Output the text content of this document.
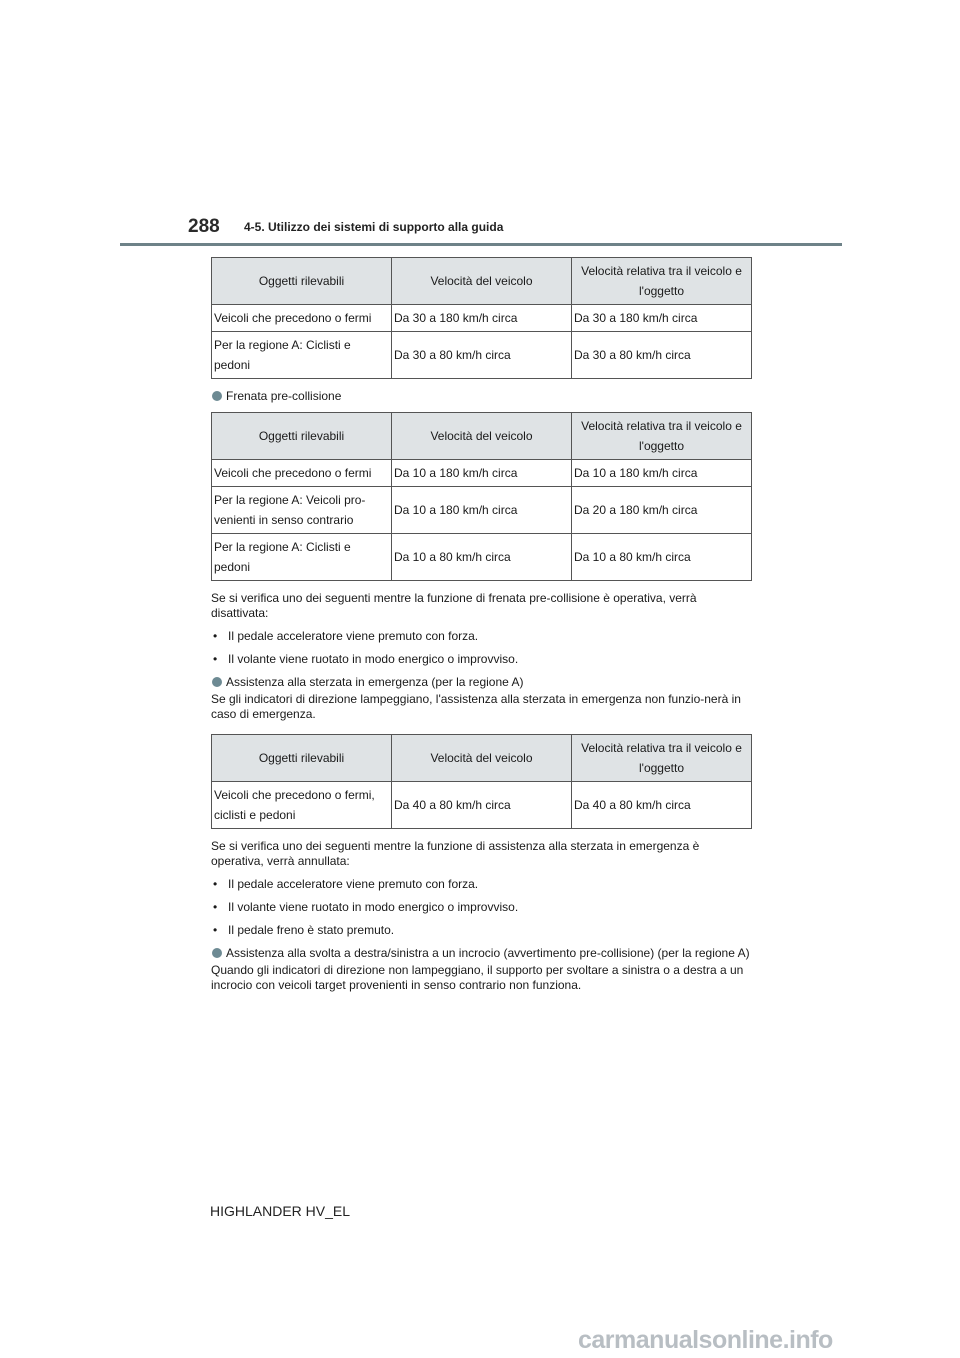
288 4-5. Utilizzo dei sistemi di supporto alla guida
Oggetti rilevabili	Velocità del veicolo	Velocità relativa tra il veicolo e l'oggetto
Veicoli che precedono o fermi	Da 30 a 180 km/h circa	Da 30 a 180 km/h circa
Per la regione A: Ciclisti e pedoni	Da 30 a 80 km/h circa	Da 30 a 80 km/h circa
Frenata pre-collisione
Oggetti rilevabili	Velocità del veicolo	Velocità relativa tra il veicolo e l'oggetto
Veicoli che precedono o fermi	Da 10 a 180 km/h circa	Da 10 a 180 km/h circa
Per la regione A: Veicoli pro-venienti in senso contrario	Da 10 a 180 km/h circa	Da 20 a 180 km/h circa
Per la regione A: Ciclisti e pedoni	Da 10 a 80 km/h circa	Da 10 a 80 km/h circa

Se si verifica uno dei seguenti mentre la funzione di frenata pre-collisione è operativa, verrà disattivata:

• Il pedale acceleratore viene premuto con forza.
• Il volante viene ruotato in modo energico o improvviso.
Assistenza alla sterzata in emergenza (per la regione A)

Se gli indicatori di direzione lampeggiano, l'assistenza alla sterzata in emergenza non funzio-nerà in caso di emergenza.

Oggetti rilevabili	Velocità del veicolo	Velocità relativa tra il veicolo e l'oggetto
Veicoli che precedono o fermi, ciclisti e pedoni	Da 40 a 80 km/h circa	Da 40 a 80 km/h circa

Se si verifica uno dei seguenti mentre la funzione di assistenza alla sterzata in emergenza è operativa, verrà annullata:

• Il pedale acceleratore viene premuto con forza.
• Il volante viene ruotato in modo energico o improvviso.
• Il pedale freno è stato premuto.
Assistenza alla svolta a destra/sinistra a un incrocio (avvertimento pre-collisione) (per la regione A)

Quando gli indicatori di direzione non lampeggiano, il supporto per svoltare a sinistra o a destra a un incrocio con veicoli target provenienti in senso contrario non funziona.

HIGHLANDER HV_EL
carmanualsonline.info
